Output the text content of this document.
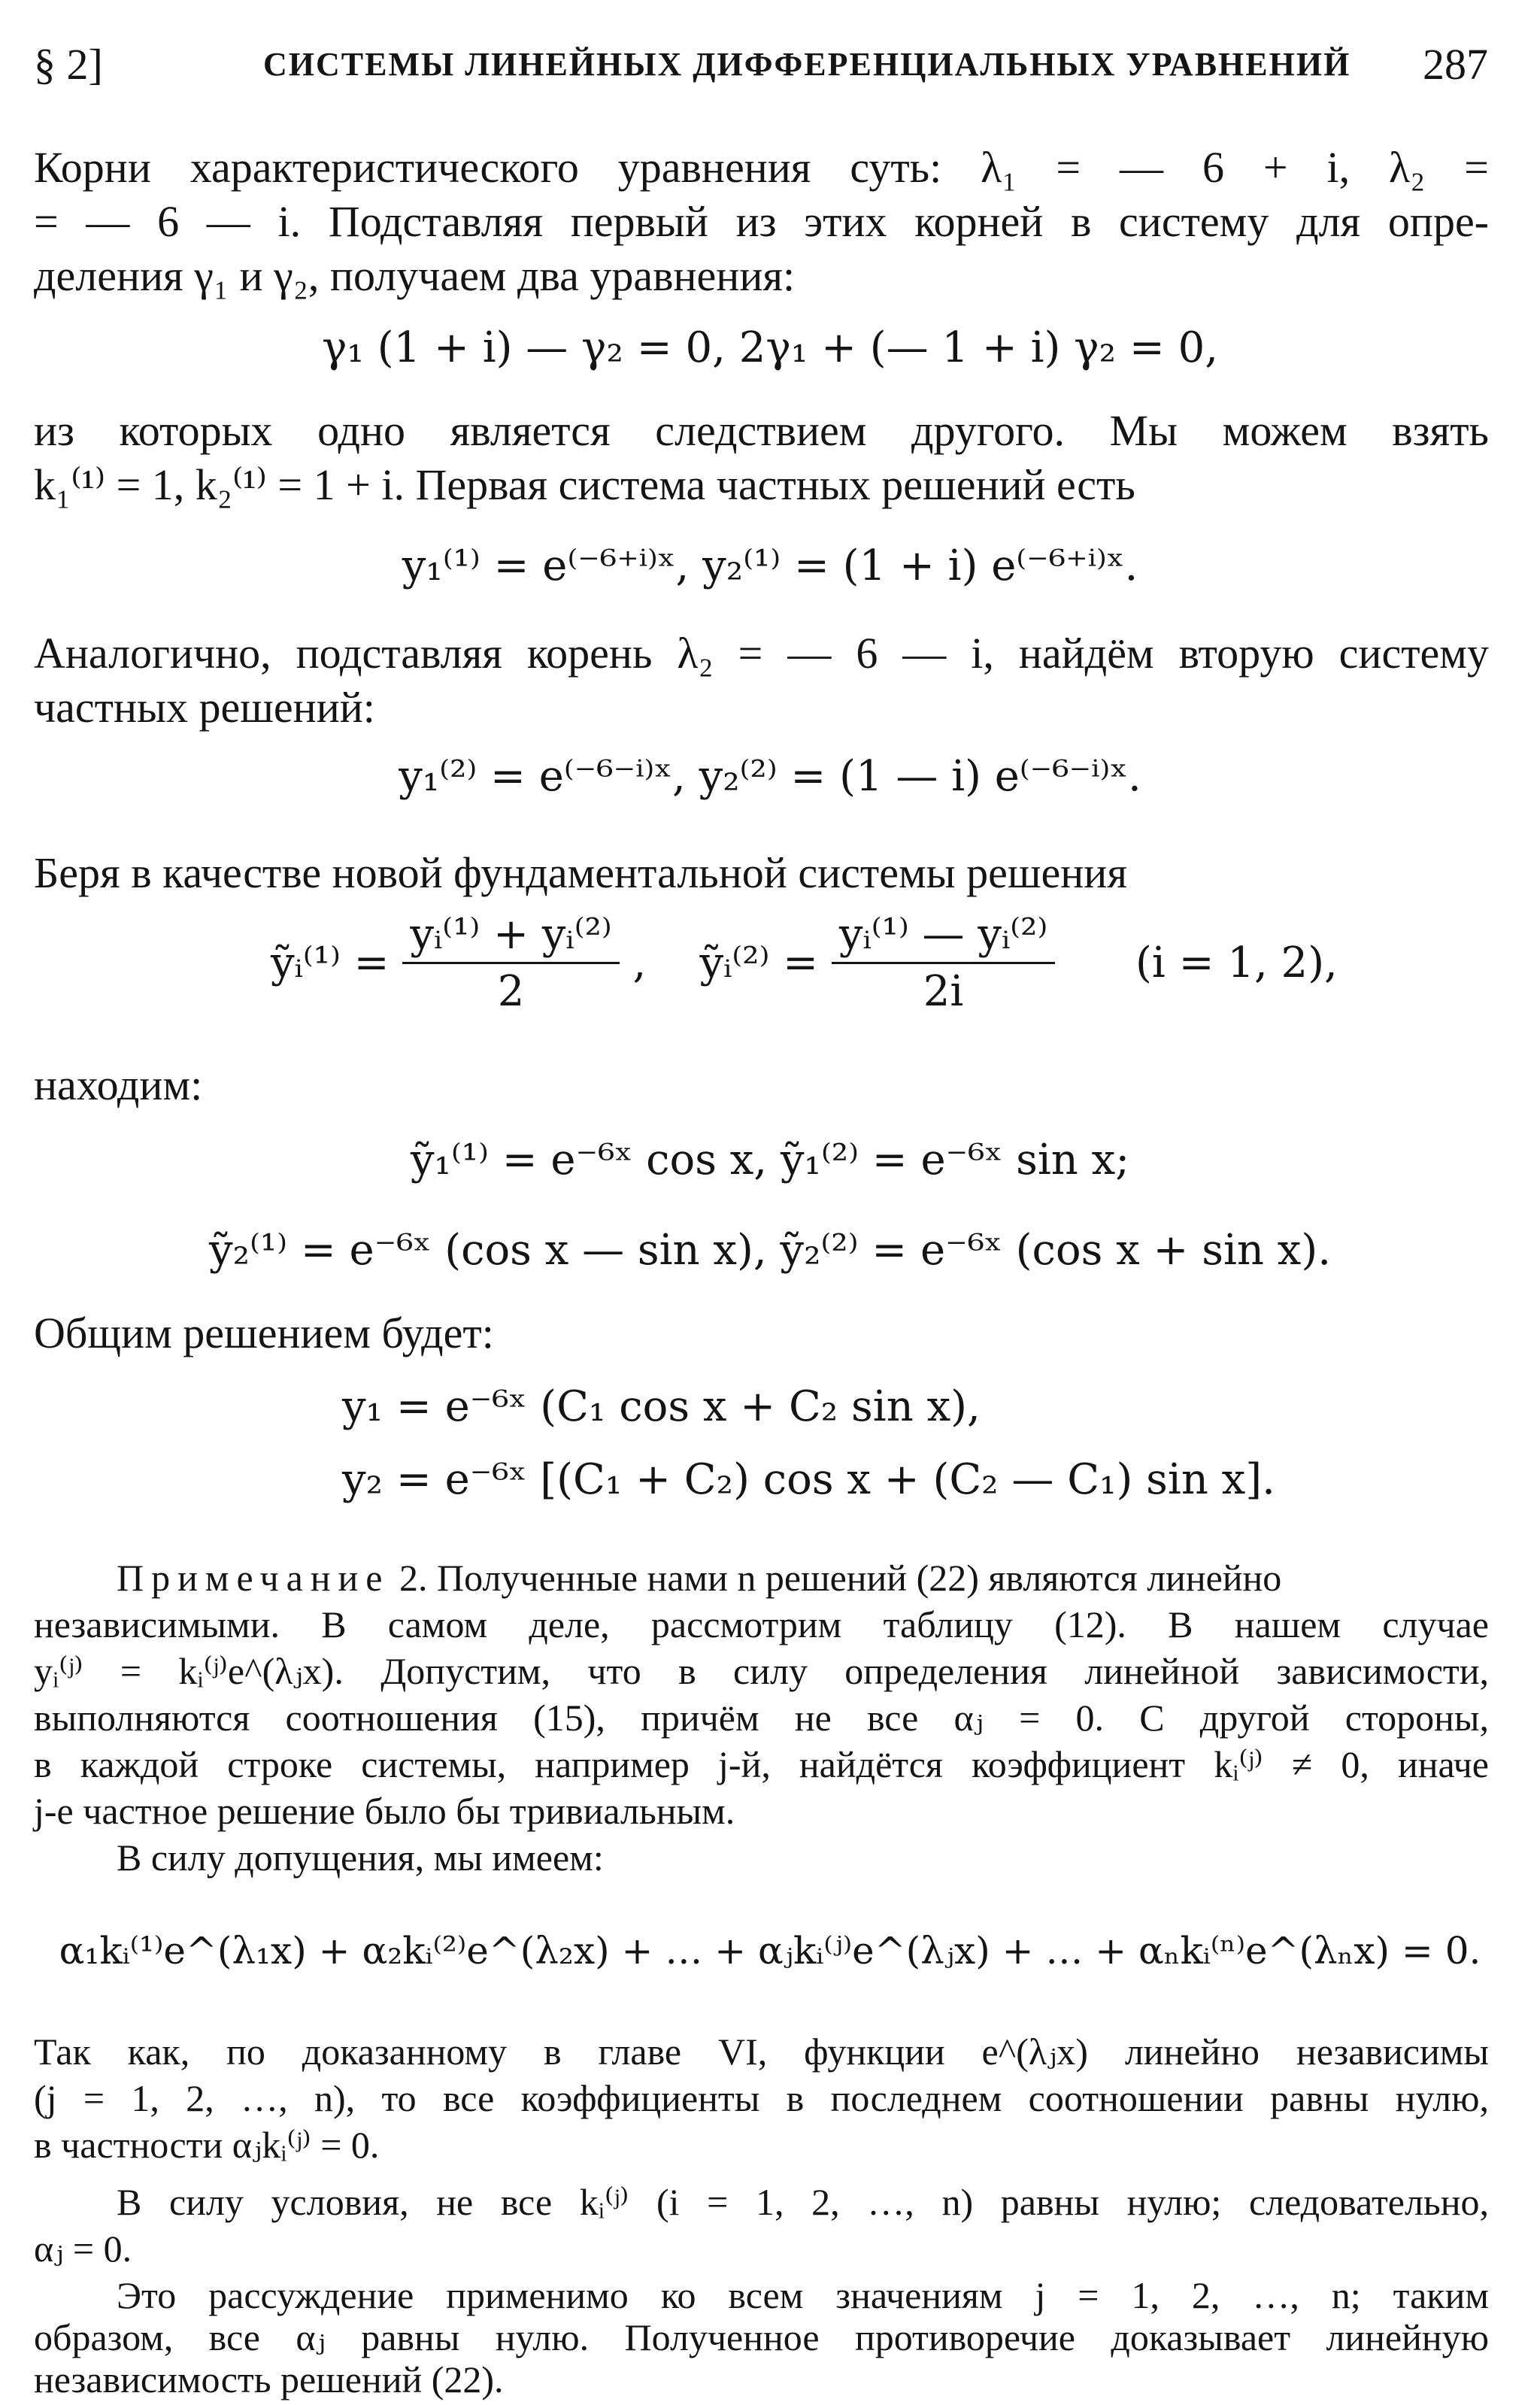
§ 2]	СИСТЕМЫ ЛИНЕЙНЫХ ДИФФЕРЕНЦИАЛЬНЫХ УРАВНЕНИЙ 287
Корни характеристического уравнения суть: λ₁ = — 6 + i, λ₂ =
= — 6 — i. Подставляя первый из этих корней в систему для опре-
деления γ₁ и γ₂, получаем два уравнения:
γ₁ (1 + i) — γ₂ = 0, 2γ₁ + (— 1 + i) γ₂ = 0,
из которых одно является следствием другого. Мы можем взять
k₁⁽¹⁾ = 1, k₂⁽¹⁾ = 1 + i. Первая система частных решений есть
y₁⁽¹⁾ = e⁽⁻⁶⁺ⁱ⁾ˣ, y₂⁽¹⁾ = (1 + i) e⁽⁻⁶⁺ⁱ⁾ˣ.
Аналогично, подставляя корень λ₂ = — 6 — i, найдём вторую систему
частных решений:
y₁⁽²⁾ = e⁽⁻⁶⁻ⁱ⁾ˣ, y₂⁽²⁾ = (1 — i) e⁽⁻⁶⁻ⁱ⁾ˣ.
Беря в качестве новой фундаментальной системы решения
ỹᵢ⁽¹⁾ = $\frac{\text{yᵢ⁽¹⁾ + yᵢ⁽²⁾}}{2}$ ,    ỹᵢ⁽²⁾ = $\frac{\text{yᵢ⁽¹⁾ — yᵢ⁽²⁾}}{2i} (i = 1$, 2),
находим:
ỹ₁⁽¹⁾ = e⁻⁶ˣ cos x, ỹ₁⁽²⁾ = e⁻⁶ˣ sin x;
ỹ₂⁽¹⁾ = e⁻⁶ˣ (cos x — sin x), ỹ₂⁽²⁾ = e⁻⁶ˣ (cos x + sin x).
Общим решением будет:
y₁ = e⁻⁶ˣ (C₁ cos x + C₂ sin x),
y₂ = e⁻⁶ˣ [(C₁ + C₂) cos x + (C₂ — C₁) sin x].
Примечание 2. Полученные нами n решений (22) являются линейно
независимыми. В самом деле, рассмотрим таблицу (12). В нашем случае
yᵢ⁽ʲ⁾ = kᵢ⁽ʲ⁾e^(λⱼx). Допустим, что в силу определения линейной зависимости,
выполняются соотношения (15), причём не все αⱼ = 0. С другой стороны,
в каждой строке системы, например j-й, найдётся коэффициент kᵢ⁽ʲ⁾ ≠ 0, иначе
j-е частное решение было бы тривиальным.
В силу допущения, мы имеем:
α₁kᵢ⁽¹⁾e^(λ₁x) + α₂kᵢ⁽²⁾e^(λ₂x) + … + αⱼkᵢ⁽ʲ⁾e^(λⱼx) + … + αₙkᵢ⁽ⁿ⁾e^(λₙx) = 0.
Так как, по доказанному в главе VI, функции e^(λⱼx) линейно независимы
(j = 1, 2, …, n), то все коэффициенты в последнем соотношении равны нулю,
в частности αⱼkᵢ⁽ʲ⁾ = 0.
В силу условия, не все kᵢ⁽ʲ⁾ (i = 1, 2, …, n) равны нулю; следовательно,
αⱼ = 0.
Это рассуждение применимо ко всем значениям j = 1, 2, …, n; таким
образом, все αⱼ равны нулю. Полученное противоречие доказывает линейную
независимость решений (22).
